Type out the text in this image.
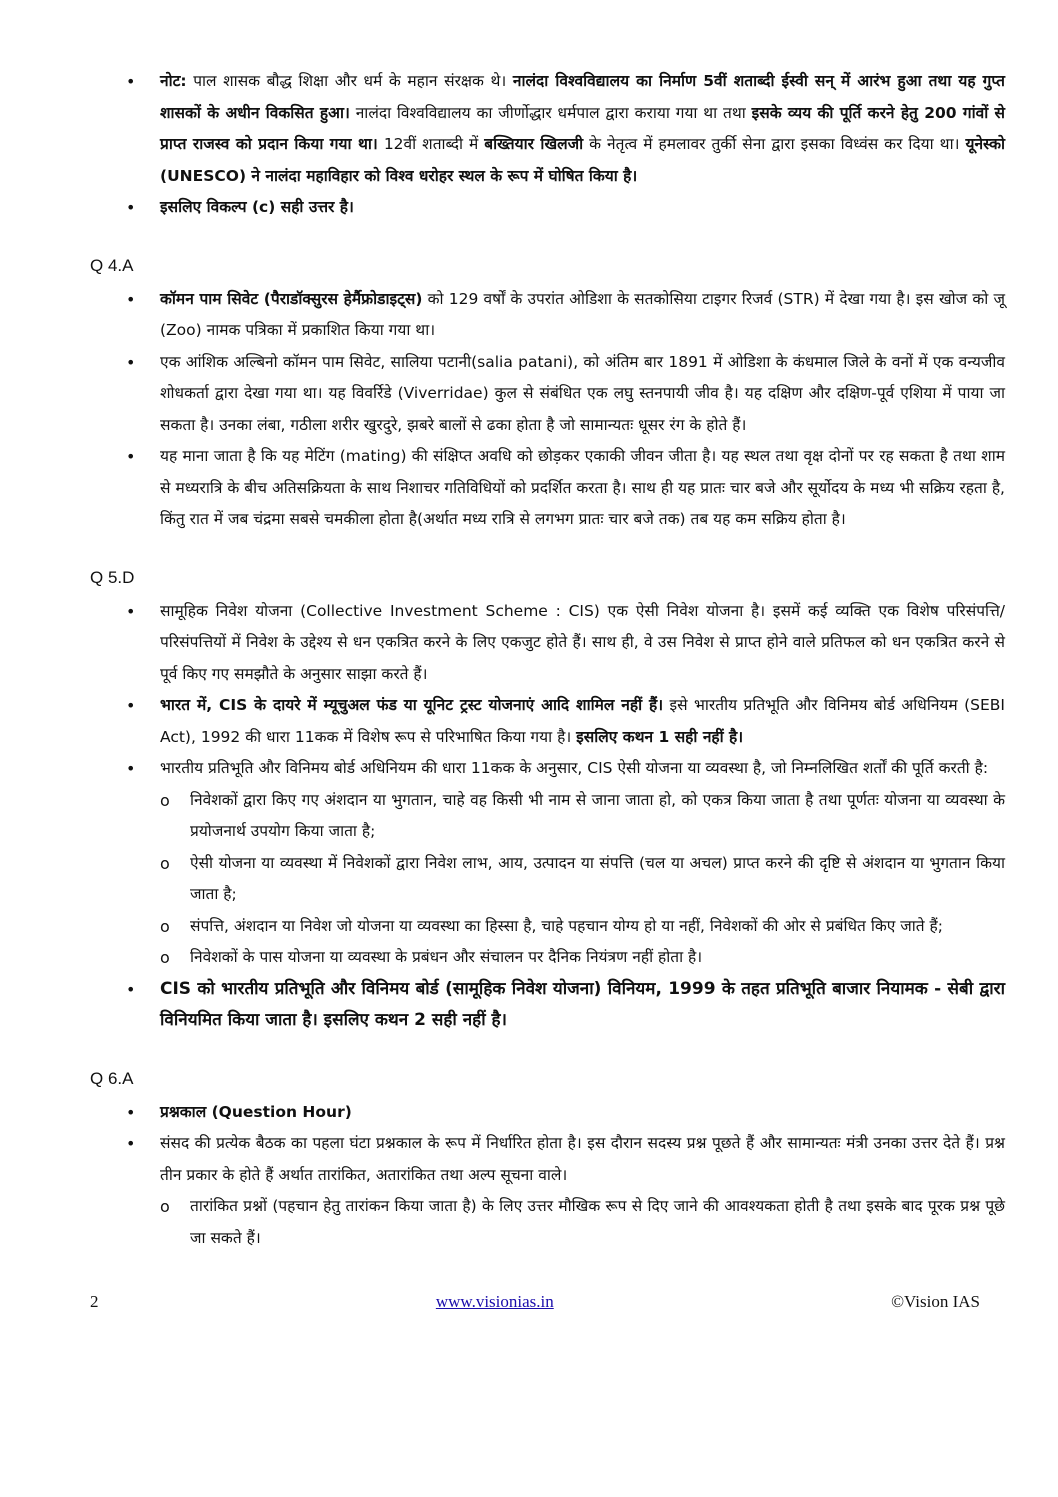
• नोट: पाल शासक बौद्ध शिक्षा और धर्म के महान संरक्षक थे। नालंदा विश्वविद्यालय का निर्माण 5वीं शताब्दी ईस्वी सन् में आरंभ हुआ तथा यह गुप्त शासकों के अधीन विकसित हुआ। नालंदा विश्वविद्यालय का जीर्णोद्धार धर्मपाल द्वारा कराया गया था तथा इसके व्यय की पूर्ति करने हेतु 200 गांवों से प्राप्त राजस्व को प्रदान किया गया था। 12वीं शताब्दी में बख्तियार खिलजी के नेतृत्व में हमलावर तुर्की सेना द्वारा इसका विध्वंस कर दिया था। यूनेस्को (UNESCO) ने नालंदा महाविहार को विश्व धरोहर स्थल के रूप में घोषित किया है।
• इसलिए विकल्प (c) सही उत्तर है।
Q 4.A
• कॉमन पाम सिवेट (पैराडॉक्सुरस हेर्मैफ्रोडाइट्स) को 129 वर्षों के उपरांत ओडिशा के सतकोसिया टाइगर रिजर्व (STR) में देखा गया है। इस खोज को जू (Zoo) नामक पत्रिका में प्रकाशित किया गया था।
• एक आंशिक अल्बिनो कॉमन पाम सिवेट, सालिया पटानी(salia patani), को अंतिम बार 1891 में ओडिशा के कंधमाल जिले के वनों में एक वन्यजीव शोधकर्ता द्वारा देखा गया था। यह विवर्रिडे (Viverridae) कुल से संबंधित एक लघु स्तनपायी जीव है। यह दक्षिण और दक्षिण-पूर्व एशिया में पाया जा सकता है। उनका लंबा, गठीला शरीर खुरदुरे, झबरे बालों से ढका होता है जो सामान्यतः धूसर रंग के होते हैं।
• यह माना जाता है कि यह मेटिंग (mating) की संक्षिप्त अवधि को छोड़कर एकाकी जीवन जीता है। यह स्थल तथा वृक्ष दोनों पर रह सकता है तथा शाम से मध्यरात्रि के बीच अतिसक्रियता के साथ निशाचर गतिविधियों को प्रदर्शित करता है। साथ ही यह प्रातः चार बजे और सूर्योदय के मध्य भी सक्रिय रहता है, किंतु रात में जब चंद्रमा सबसे चमकीला होता है(अर्थात मध्य रात्रि से लगभग प्रातः चार बजे तक) तब यह कम सक्रिय होता है।
Q 5.D
• सामूहिक निवेश योजना (Collective Investment Scheme : CIS) एक ऐसी निवेश योजना है। इसमें कई व्यक्ति एक विशेष परिसंपत्ति/परिसंपत्तियों में निवेश के उद्देश्य से धन एकत्रित करने के लिए एकजुट होते हैं। साथ ही, वे उस निवेश से प्राप्त होने वाले प्रतिफल को धन एकत्रित करने से पूर्व किए गए समझौते के अनुसार साझा करते हैं।
• भारत में, CIS के दायरे में म्यूचुअल फंड या यूनिट ट्रस्ट योजनाएं आदि शामिल नहीं हैं। इसे भारतीय प्रतिभूति और विनिमय बोर्ड अधिनियम (SEBI Act), 1992 की धारा 11कक में विशेष रूप से परिभाषित किया गया है। इसलिए कथन 1 सही नहीं है।
• भारतीय प्रतिभूति और विनिमय बोर्ड अधिनियम की धारा 11कक के अनुसार, CIS ऐसी योजना या व्यवस्था है, जो निम्नलिखित शर्तों की पूर्ति करती है:
o निवेशकों द्वारा किए गए अंशदान या भुगतान, चाहे वह किसी भी नाम से जाना जाता हो, को एकत्र किया जाता है तथा पूर्णतः योजना या व्यवस्था के प्रयोजनार्थ उपयोग किया जाता है;
o ऐसी योजना या व्यवस्था में निवेशकों द्वारा निवेश लाभ, आय, उत्पादन या संपत्ति (चल या अचल) प्राप्त करने की दृष्टि से अंशदान या भुगतान किया जाता है;
o संपत्ति, अंशदान या निवेश जो योजना या व्यवस्था का हिस्सा है, चाहे पहचान योग्य हो या नहीं, निवेशकों की ओर से प्रबंधित किए जाते हैं;
o निवेशकों के पास योजना या व्यवस्था के प्रबंधन और संचालन पर दैनिक नियंत्रण नहीं होता है।
• CIS को भारतीय प्रतिभूति और विनिमय बोर्ड (सामूहिक निवेश योजना) विनियम, 1999 के तहत प्रतिभूति बाजार नियामक - सेबी द्वारा विनियमित किया जाता है। इसलिए कथन 2 सही नहीं है।
Q 6.A
• प्रश्नकाल (Question Hour)
• संसद की प्रत्येक बैठक का पहला घंटा प्रश्नकाल के रूप में निर्धारित होता है। इस दौरान सदस्य प्रश्न पूछते हैं और सामान्यतः मंत्री उनका उत्तर देते हैं। प्रश्न तीन प्रकार के होते हैं अर्थात तारांकित, अतारांकित तथा अल्प सूचना वाले।
o तारांकित प्रश्नों (पहचान हेतु तारांकन किया जाता है) के लिए उत्तर मौखिक रूप से दिए जाने की आवश्यकता होती है तथा इसके बाद पूरक प्रश्न पूछे जा सकते हैं।
2	www.visionias.in	©Vision IAS
